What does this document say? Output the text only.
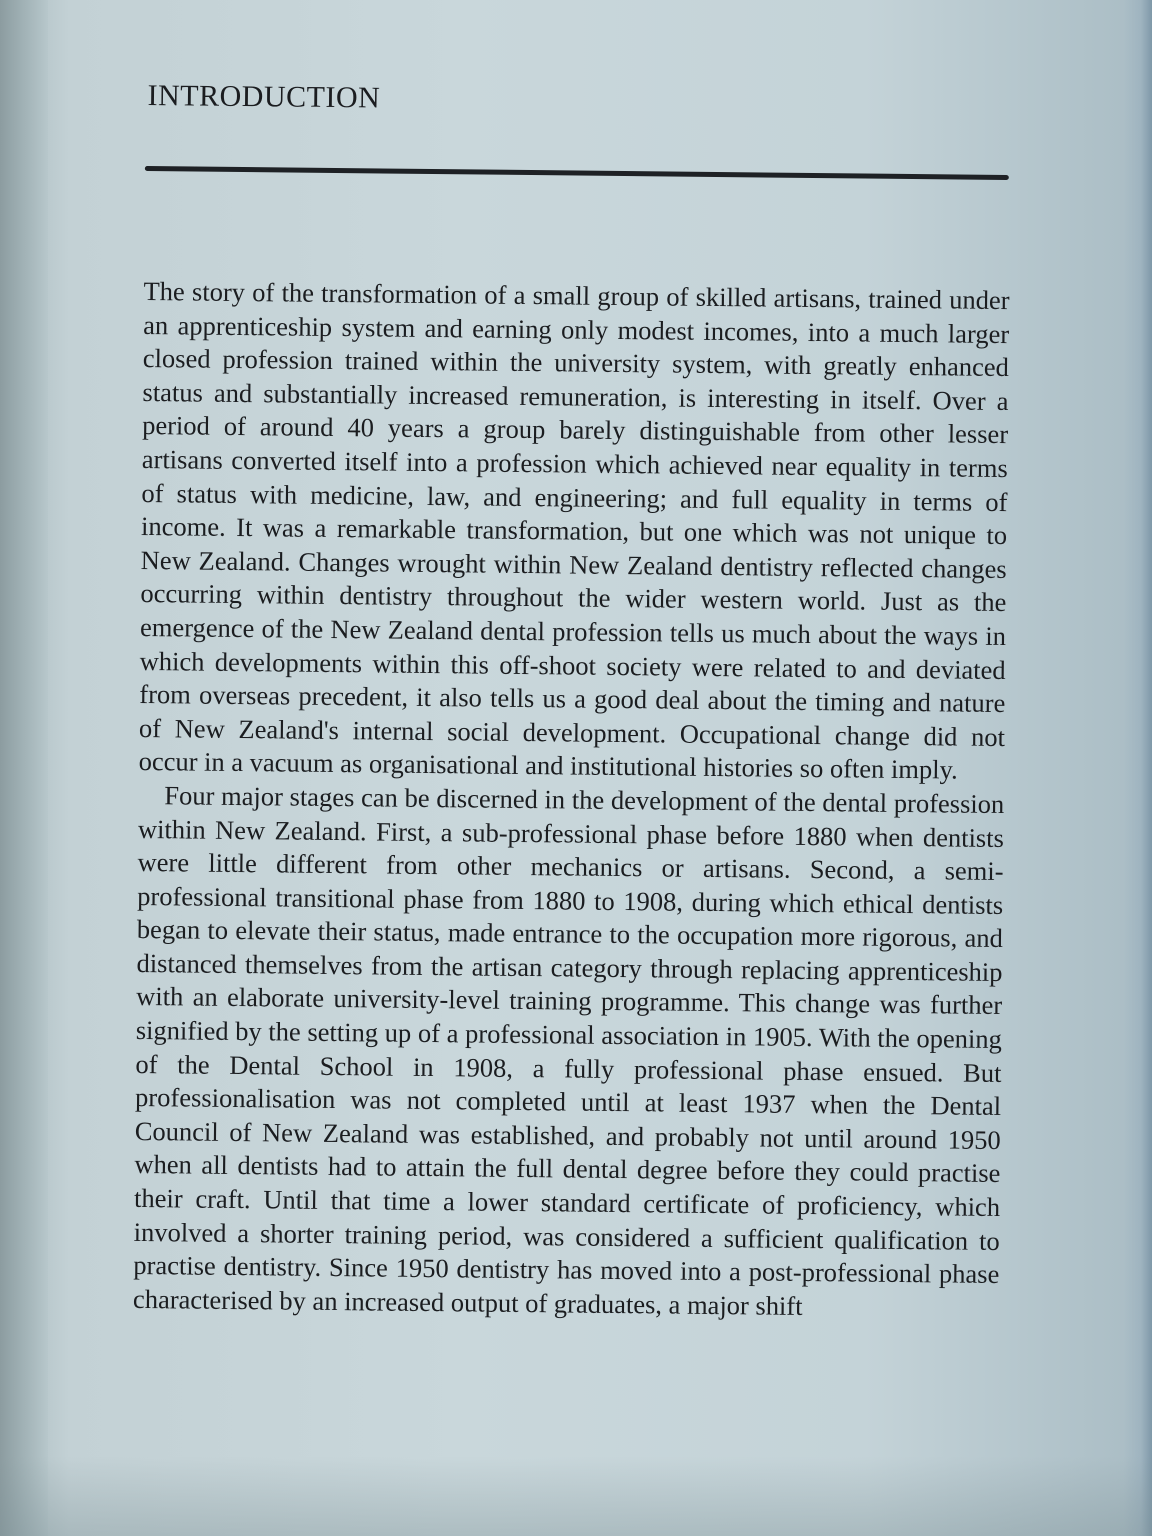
INTRODUCTION

The story of the transformation of a small group of skilled artisans, trained under an apprenticeship system and earning only modest incomes, into a much larger closed profession trained within the university system, with greatly enhanced status and substantially increased remuneration, is interesting in itself. Over a period of around 40 years a group barely distinguishable from other lesser artisans converted itself into a profession which achieved near equality in terms of status with medicine, law, and engineering; and full equality in terms of income. It was a remarkable transformation, but one which was not unique to New Zealand. Changes wrought within New Zealand dentistry reflected changes occurring within dentistry throughout the wider western world. Just as the emergence of the New Zealand dental profession tells us much about the ways in which developments within this off-shoot society were related to and deviated from overseas precedent, it also tells us a good deal about the timing and nature of New Zealand's internal social development. Occupational change did not occur in a vacuum as organisational and institutional histories so often imply.

Four major stages can be discerned in the development of the dental profession within New Zealand. First, a sub-professional phase before 1880 when dentists were little different from other mechanics or artisans. Second, a semi-professional transitional phase from 1880 to 1908, during which ethical dentists began to elevate their status, made entrance to the occupation more rigorous, and distanced themselves from the artisan category through replacing apprenticeship with an elaborate university-level training programme. This change was further signified by the setting up of a professional association in 1905. With the opening of the Dental School in 1908, a fully professional phase ensued. But professionalisation was not completed until at least 1937 when the Dental Council of New Zealand was established, and probably not until around 1950 when all dentists had to attain the full dental degree before they could practise their craft. Until that time a lower standard certificate of proficiency, which involved a shorter training period, was considered a sufficient qualification to practise dentistry. Since 1950 dentistry has moved into a post-professional phase characterised by an increased output of graduates, a major shift
